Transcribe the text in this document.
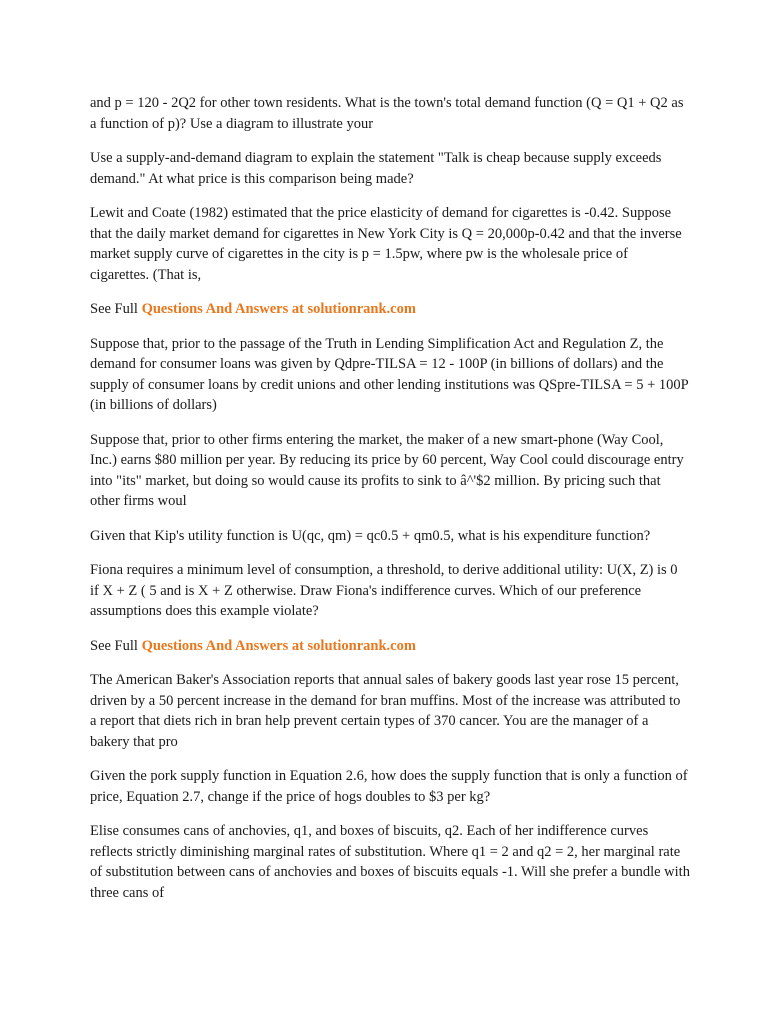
and p = 120 - 2Q2 for other town residents. What is the town's total demand function (Q = Q1 + Q2 as a function of p)? Use a diagram to illustrate your

Use a supply-and-demand diagram to explain the statement "Talk is cheap because supply exceeds demand." At what price is this comparison being made?

Lewit and Coate (1982) estimated that the price elasticity of demand for cigarettes is -0.42. Suppose that the daily market demand for cigarettes in New York City is Q = 20,000p-0.42 and that the inverse market supply curve of cigarettes in the city is p = 1.5pw, where pw is the wholesale price of cigarettes. (That is,

See Full Questions And Answers at solutionrank.com

Suppose that, prior to the passage of the Truth in Lending Simplification Act and Regulation Z, the demand for consumer loans was given by Qdpre-TILSA = 12 - 100P (in billions of dollars) and the supply of consumer loans by credit unions and other lending institutions was QSpre-TILSA = 5 + 100P (in billions of dollars)

Suppose that, prior to other firms entering the market, the maker of a new smart-phone (Way Cool, Inc.) earns $80 million per year. By reducing its price by 60 percent, Way Cool could discourage entry into "its" market, but doing so would cause its profits to sink to â^'$2 million. By pricing such that other firms woul

Given that Kip's utility function is U(qc, qm) = qc0.5 + qm0.5, what is his expenditure function?

Fiona requires a minimum level of consumption, a threshold, to derive additional utility: U(X, Z) is 0 if X + Z ( 5 and is X + Z otherwise. Draw Fiona's indifference curves. Which of our preference assumptions does this example violate?

See Full Questions And Answers at solutionrank.com

The American Baker's Association reports that annual sales of bakery goods last year rose 15 percent, driven by a 50 percent increase in the demand for bran muffins. Most of the increase was attributed to a report that diets rich in bran help prevent certain types of 370 cancer. You are the manager of a bakery that pro

Given the pork supply function in Equation 2.6, how does the supply function that is only a function of price, Equation 2.7, change if the price of hogs doubles to $3 per kg?

Elise consumes cans of anchovies, q1, and boxes of biscuits, q2. Each of her indifference curves reflects strictly diminishing marginal rates of substitution. Where q1 = 2 and q2 = 2, her marginal rate of substitution between cans of anchovies and boxes of biscuits equals -1. Will she prefer a bundle with three cans of
